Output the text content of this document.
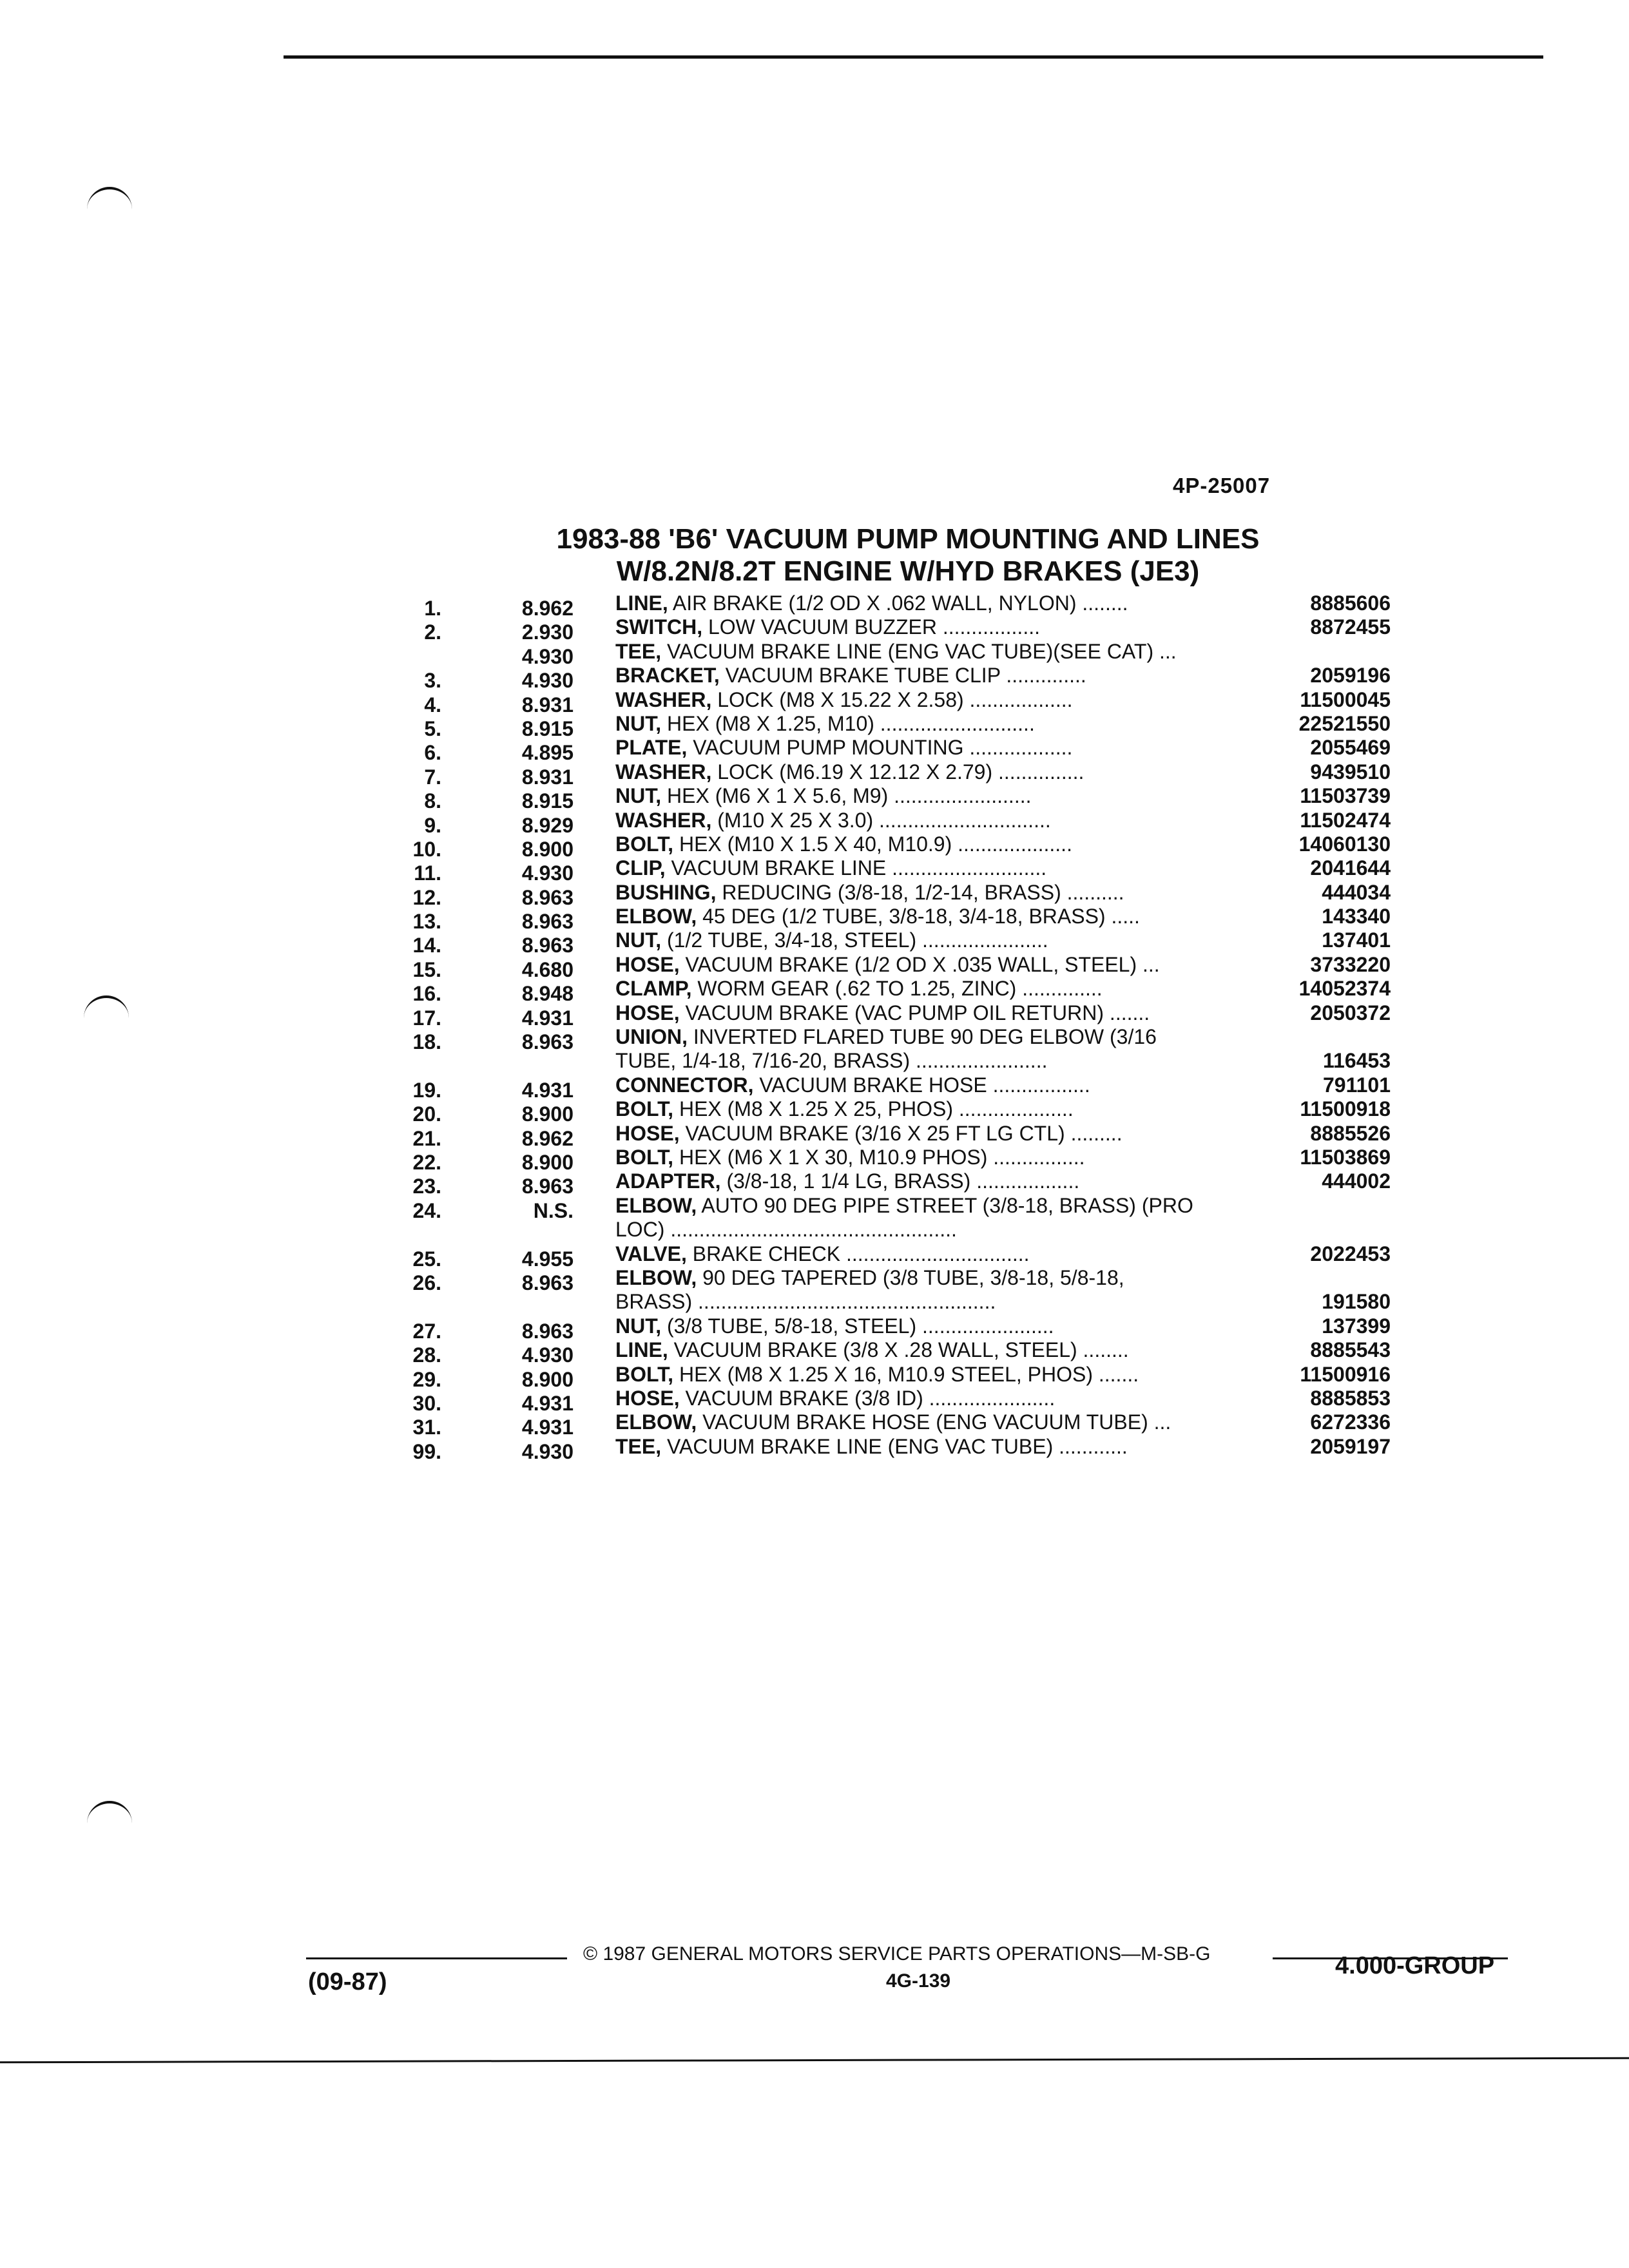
4P-25007
1983-88 'B6' VACUUM PUMP MOUNTING AND LINES
W/8.2N/8.2T ENGINE W/HYD BRAKES (JE3)
1.	8.962 LINE, AIR BRAKE (1/2 OD X .062 WALL, NYLON) ........	8885606
2.	2.930 SWITCH, LOW VACUUM BUZZER .................	8872455
4.930 TEE, VACUUM BRAKE LINE (ENG VAC TUBE)(SEE CAT) ...
3.	4.930 BRACKET, VACUUM BRAKE TUBE CLIP ..............	2059196
4.	8.931 WASHER, LOCK (M8 X 15.22 X 2.58) ..................	11500045
5.	8.915 NUT, HEX (M8 X 1.25, M10) ...........................	22521550
6.	4.895 PLATE, VACUUM PUMP MOUNTING ..................	2055469
7.	8.931 WASHER, LOCK (M6.19 X 12.12 X 2.79) ...............	9439510
8.	8.915 NUT, HEX (M6 X 1 X 5.6, M9) ........................	11503739
9.	8.929 WASHER, (M10 X 25 X 3.0) ..............................	11502474
10.	8.900 BOLT, HEX (M10 X 1.5 X 40, M10.9) ....................	14060130
11.	4.930 CLIP, VACUUM BRAKE LINE ...........................	2041644
12.	8.963 BUSHING, REDUCING (3/8-18, 1/2-14, BRASS) ..........	444034
13.	8.963 ELBOW, 45 DEG (1/2 TUBE, 3/8-18, 3/4-18, BRASS) .....	143340
14.	8.963 NUT, (1/2 TUBE, 3/4-18, STEEL) ......................	137401
15.	4.680 HOSE, VACUUM BRAKE (1/2 OD X .035 WALL, STEEL) ...	3733220
16.	8.948 CLAMP, WORM GEAR (.62 TO 1.25, ZINC) ..............	14052374
17.	4.931 HOSE, VACUUM BRAKE (VAC PUMP OIL RETURN) .......	2050372
18.	8.963 UNION, INVERTED FLARED TUBE 90 DEG ELBOW (3/16
TUBE, 1/4-18, 7/16-20, BRASS) .......................	116453
19.	4.931 CONNECTOR, VACUUM BRAKE HOSE .................	791101
20.	8.900 BOLT, HEX (M8 X 1.25 X 25, PHOS) ....................	11500918
21.	8.962 HOSE, VACUUM BRAKE (3/16 X 25 FT LG CTL) .........	8885526
22.	8.900 BOLT, HEX (M6 X 1 X 30, M10.9 PHOS) ................	11503869
23.	8.963 ADAPTER, (3/8-18, 1 1/4 LG, BRASS) ..................	444002
24.	N.S. ELBOW, AUTO 90 DEG PIPE STREET (3/8-18, BRASS) (PRO
LOC) ..................................................
25.	4.955 VALVE, BRAKE CHECK ................................	2022453
26.	8.963 ELBOW, 90 DEG TAPERED (3/8 TUBE, 3/8-18, 5/8-18,
BRASS) ....................................................	191580
27.	8.963 NUT, (3/8 TUBE, 5/8-18, STEEL) .......................	137399
28.	4.930 LINE, VACUUM BRAKE (3/8 X .28 WALL, STEEL) ........	8885543
29.	8.900 BOLT, HEX (M8 X 1.25 X 16, M10.9 STEEL, PHOS) .......	11500916
30.	4.931 HOSE, VACUUM BRAKE (3/8 ID) ......................	8885853
31.	4.931 ELBOW, VACUUM BRAKE HOSE (ENG VACUUM TUBE) ...	6272336
99.	4.930 TEE, VACUUM BRAKE LINE (ENG VAC TUBE) ............	2059197
© 1987 GENERAL MOTORS SERVICE PARTS OPERATIONS—M-SB-G
4G-139
(09-87)
4.000-GROUP
